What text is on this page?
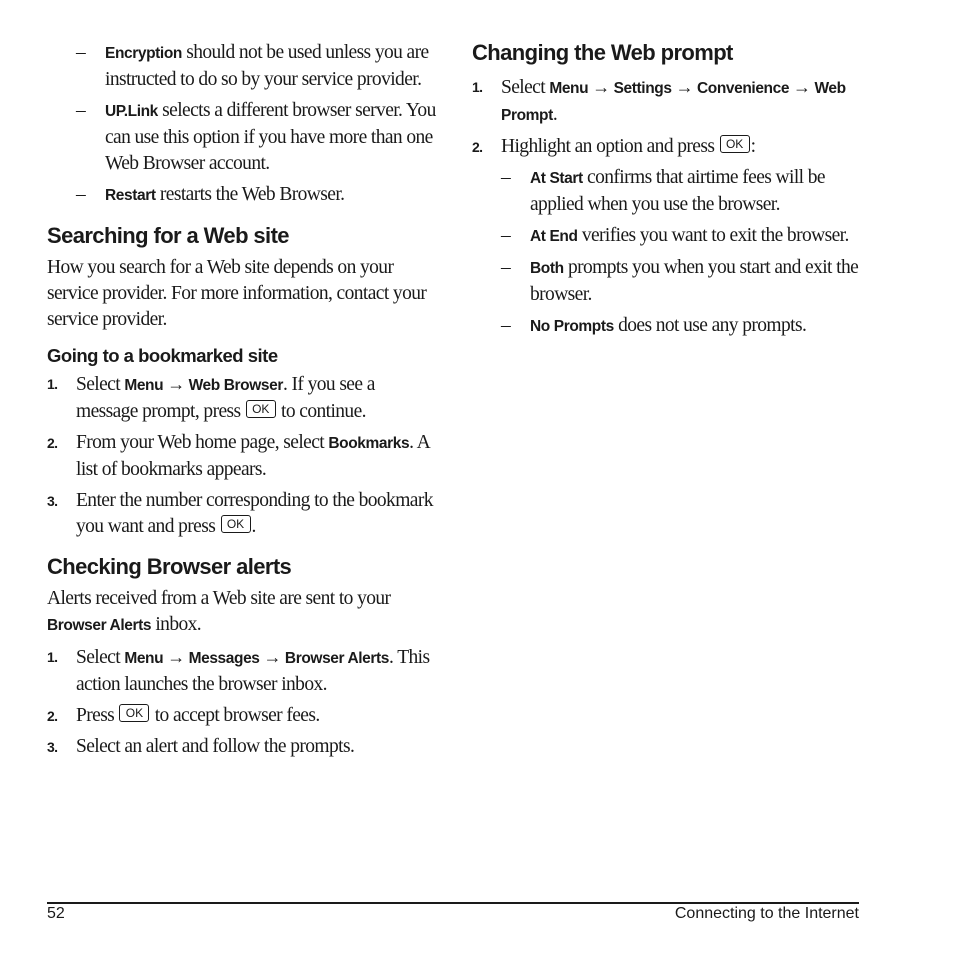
– Encryption should not be used unless you are instructed to do so by your service provider.
– UP.Link selects a different browser server. You can use this option if you have more than one Web Browser account.
– Restart restarts the Web Browser.
Searching for a Web site

How you search for a Web site depends on your service provider. For more information, contact your service provider.

Going to a bookmarked site
1. Select Menu → Web Browser. If you see a message prompt, press OK to continue.
2. From your Web home page, select Bookmarks. A list of bookmarks appears.
3. Enter the number corresponding to the bookmark you want and press OK .
Checking Browser alerts

Alerts received from a Web site are sent to your Browser Alerts inbox.

1. Select Menu → Messages → Browser Alerts. This action launches the browser inbox.
2. Press OK to accept browser fees.
3. Select an alert and follow the prompts.
Changing the Web prompt
1. Select Menu → Settings → Convenience → Web Prompt.
2. Highlight an option and press OK :
– At Start confirms that airtime fees will be applied when you use the browser.
– At End verifies you want to exit the browser.
– Both prompts you when you start and exit the browser.
– No Prompts does not use any prompts.
52	Connecting to the Internet
